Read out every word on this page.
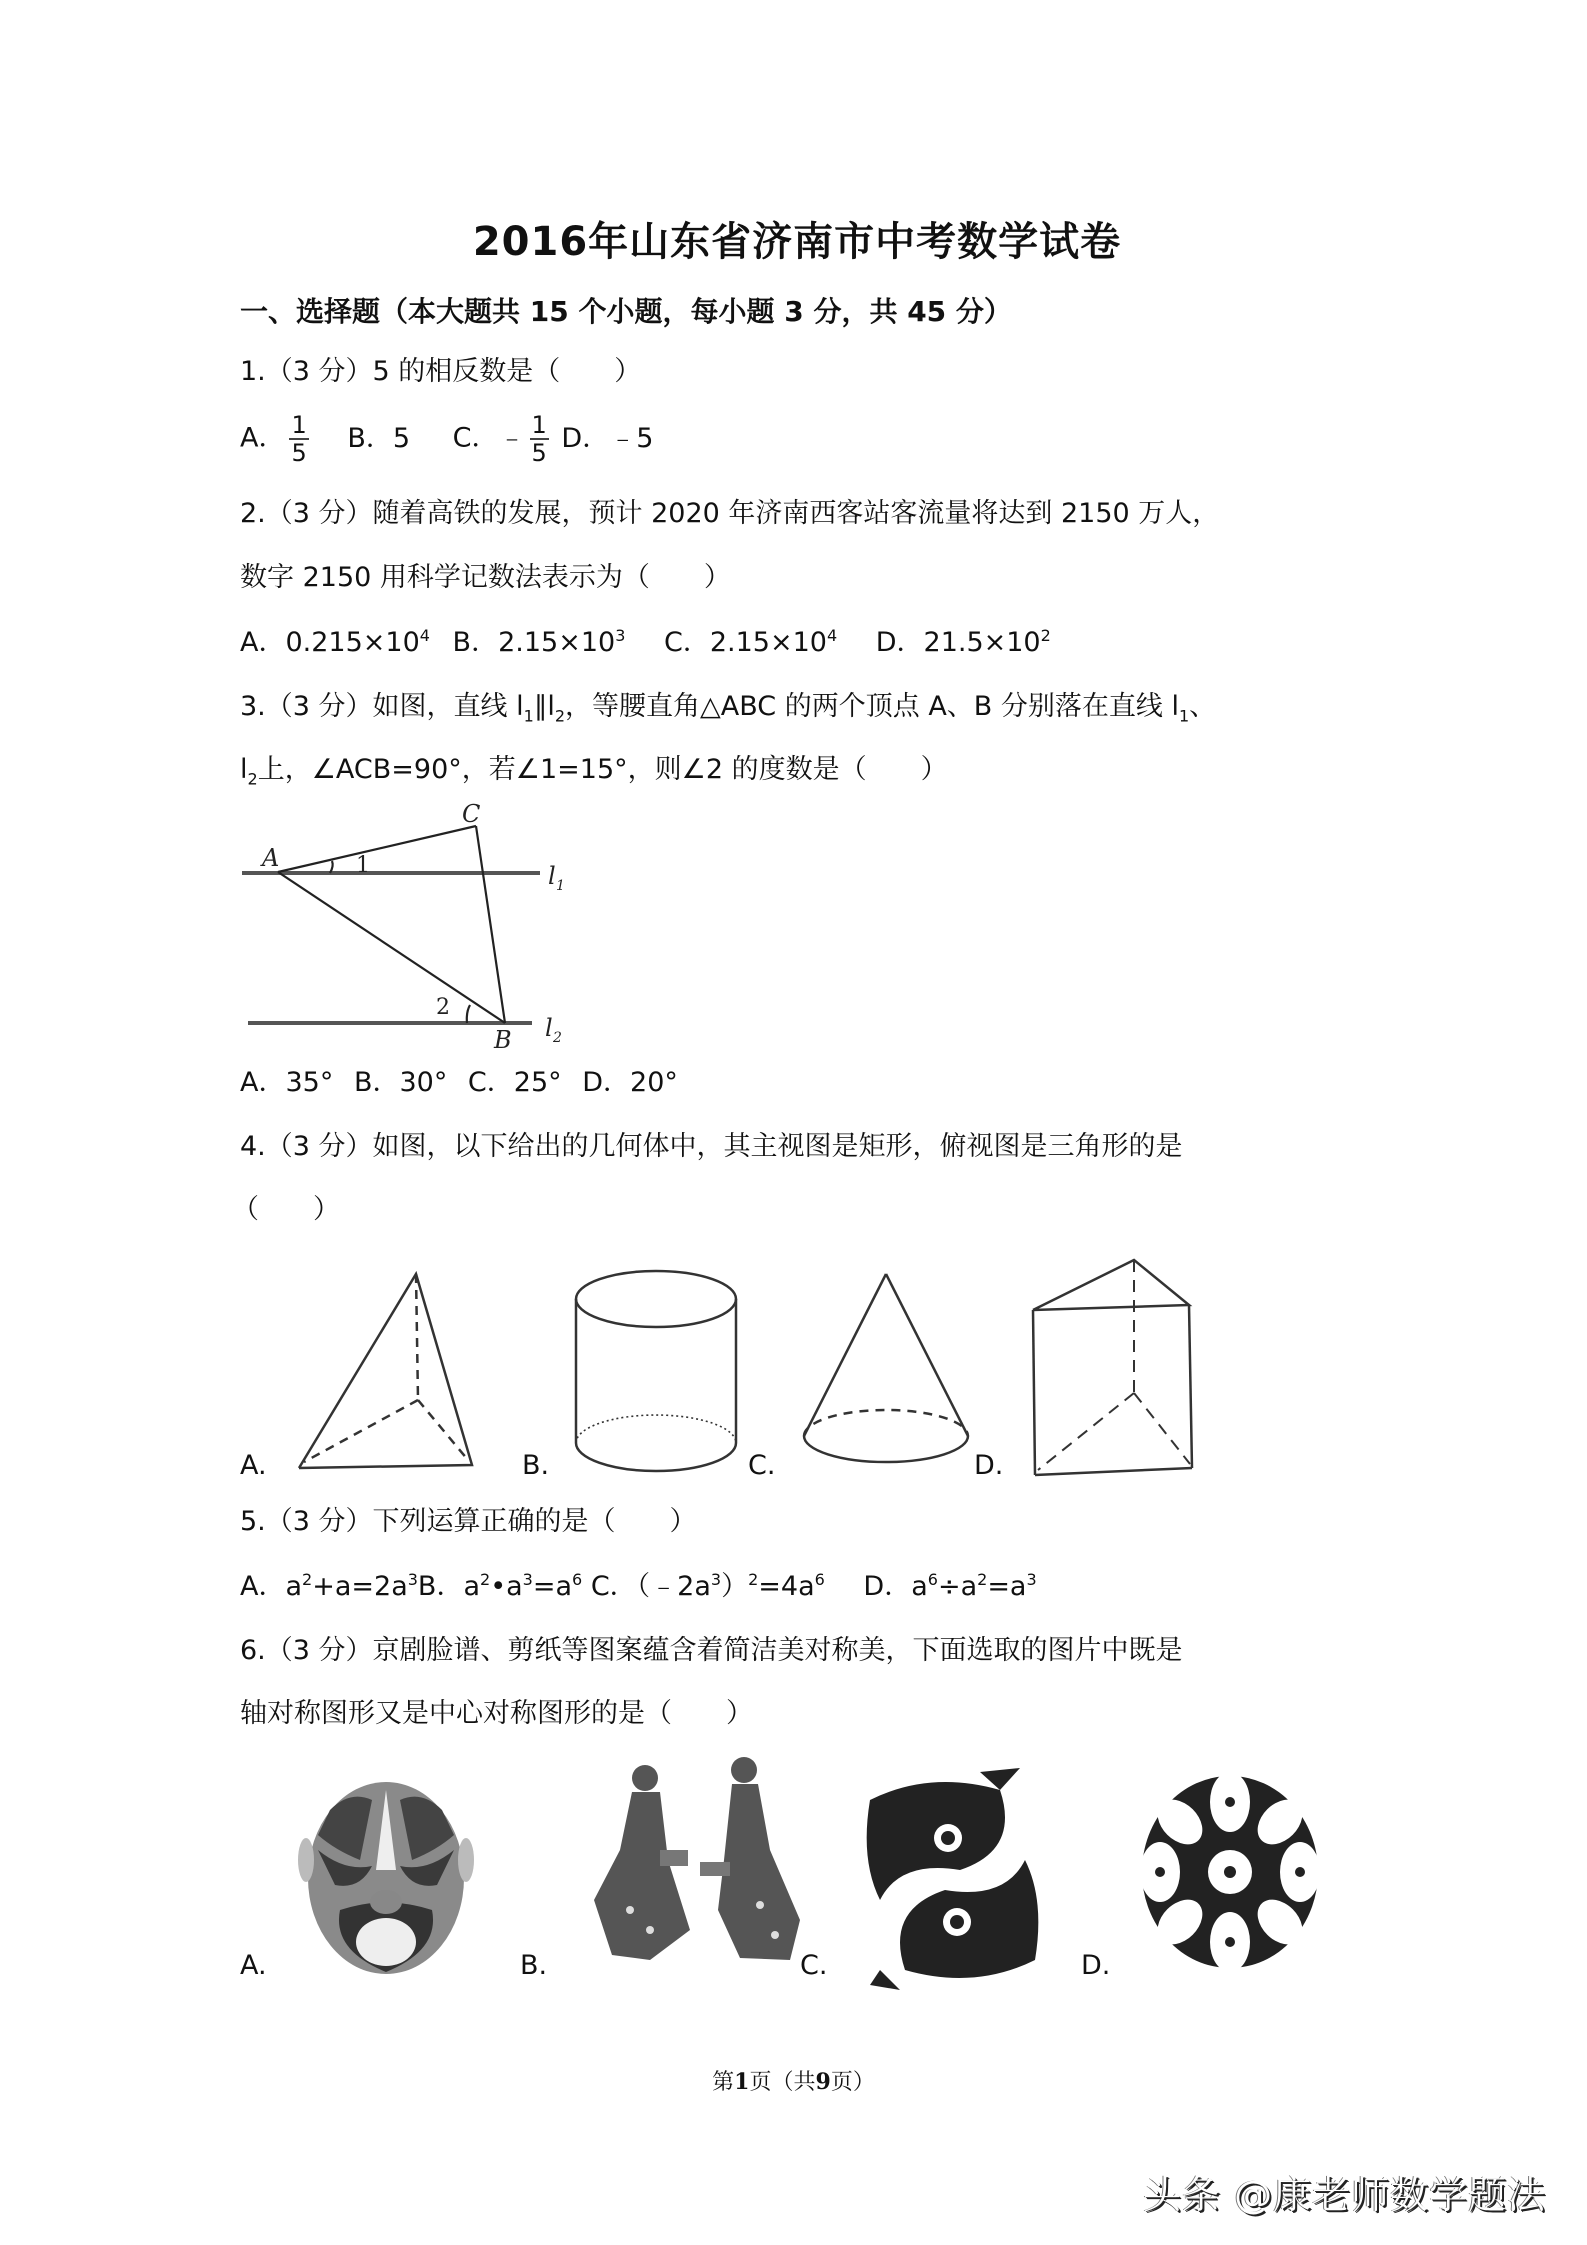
2016年山东省济南市中考数学试卷
一、选择题（本大题共 15 个小题，每小题 3 分，共 45 分）
1.（3 分）5 的相反数是（　　）
A． $\frac{1}{5}$ B．5 C．﹣ $\frac{1}{5}$ D．﹣5
2.（3 分）随着高铁的发展，预计 2020 年济南西客站客流量将达到 2150 万人，
数字 2150 用科学记数法表示为（　　）
A．$0.215\times 10^4$ B．$2.15\times 10^3$ C．$2.15\times 10^4$ D．$21.5\times 10^2$
3.（3 分）如图，直线 $l_1\parallel l_2$，等腰直角△ABC 的两个顶点 A、B 分别落在直线 $l_1$、
$l_2$上，∠ACB=90°，若∠1=15°，则∠2 的度数是（　　）
A
C
B
l 1
l 2
1
2
A．35° B．30° C．25° D．20°
4.（3 分）如图，以下给出的几何体中，其主视图是矩形，俯视图是三角形的是
（　　）
A.	B.	C.	D.
5.（3 分）下列运算正确的是（　　）
A．$a^2+a=2a^3B$．$a^2•a^3=a^6$ C．$(﹣2a^3)^2=4a^6$ D．$a^6\div a^2=a^3$
6.（3 分）京剧脸谱、剪纸等图案蕴含着简洁美对称美，下面选取的图片中既是
轴对称图形又是中心对称图形的是（　　）
A.	B.	C.	D.
第1页（共9页）
头条 @康老师数学题法
